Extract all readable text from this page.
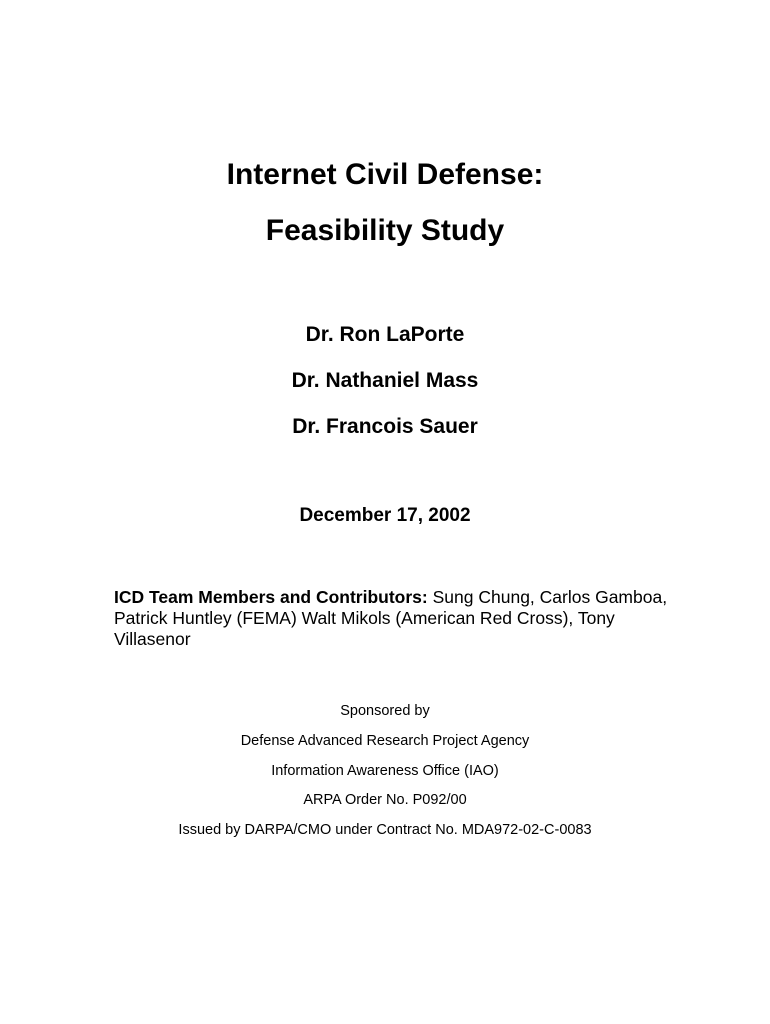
Internet Civil Defense:
Feasibility Study

Dr. Ron LaPorte

Dr. Nathaniel Mass

Dr. Francois Sauer

December 17, 2002

ICD Team Members and Contributors: Sung Chung, Carlos Gamboa, Patrick Huntley (FEMA) Walt Mikols (American Red Cross), Tony Villasenor

Sponsored by

Defense Advanced Research Project Agency

Information Awareness Office (IAO)

ARPA Order No. P092/00

Issued by DARPA/CMO under Contract No. MDA972-02-C-0083
